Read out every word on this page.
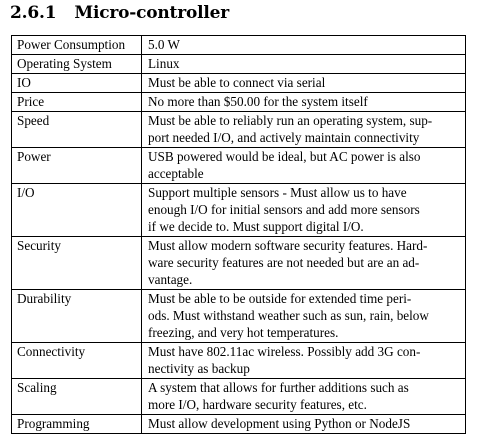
2.6.1 Micro-controller
Power Consumption	5.0 W
Operating System	Linux
IO	Must be able to connect via serial
Price	No more than $50.00 for the system itself
Speed	Must be able to reliably run an operating system, sup-
port needed I/O, and actively maintain connectivity
Power	USB powered would be ideal, but AC power is also
acceptable
I/O	Support multiple sensors - Must allow us to have
enough I/O for initial sensors and add more sensors
if we decide to. Must support digital I/O.
Security	Must allow modern software security features. Hard-
ware security features are not needed but are an ad-
vantage.
Durability	Must be able to be outside for extended time peri-
ods. Must withstand weather such as sun, rain, below
freezing, and very hot temperatures.
Connectivity	Must have 802.11ac wireless. Possibly add 3G con-
nectivity as backup
Scaling	A system that allows for further additions such as
more I/O, hardware security features, etc.
Programming	Must allow development using Python or NodeJS
